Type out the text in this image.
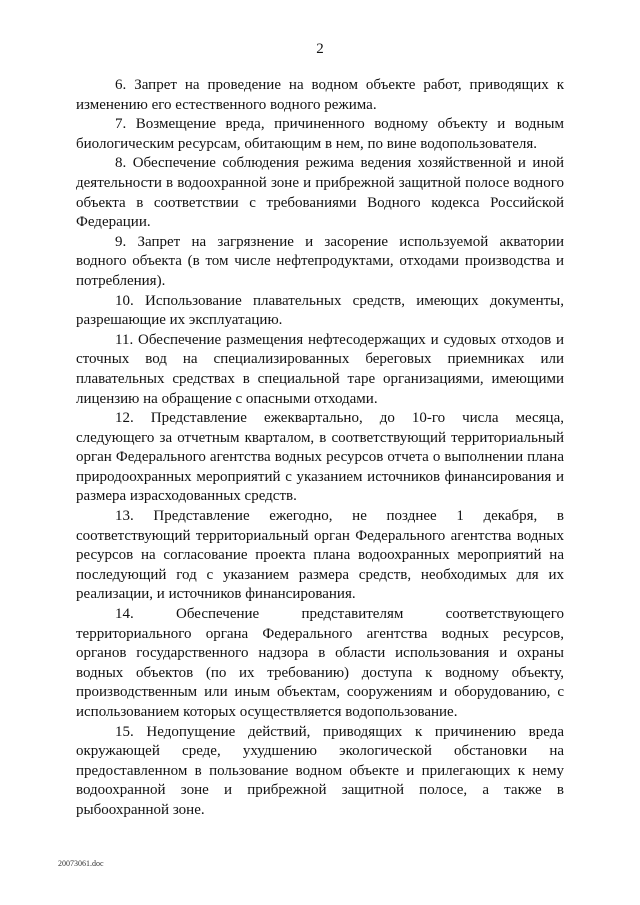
2

6. Запрет на проведение на водном объекте работ, приводящих к изменению его естественного водного режима.

7. Возмещение вреда, причиненного водному объекту и водным биологическим ресурсам, обитающим в нем, по вине водопользователя.

8. Обеспечение соблюдения режима ведения хозяйственной и иной деятельности в водоохранной зоне и прибрежной защитной полосе водного объекта в соответствии с требованиями Водного кодекса Российской Федерации.

9. Запрет на загрязнение и засорение используемой акватории водного объекта (в том числе нефтепродуктами, отходами производства и потребления).

10. Использование плавательных средств, имеющих документы, разрешающие их эксплуатацию.

11. Обеспечение размещения нефтесодержащих и судовых отходов и сточных вод на специализированных береговых приемниках или плавательных средствах в специальной таре организациями, имеющими лицензию на обращение с опасными отходами.

12. Представление ежеквартально, до 10-го числа месяца, следующего за отчетным кварталом, в соответствующий территориальный орган Федерального агентства водных ресурсов отчета о выполнении плана природоохранных мероприятий с указанием источников финансирования и размера израсходованных средств.

13. Представление ежегодно, не позднее 1 декабря, в соответствующий территориальный орган Федерального агентства водных ресурсов на согласование проекта плана водоохранных мероприятий на последующий год с указанием размера средств, необходимых для их реализации, и источников финансирования.

14. Обеспечение представителям соответствующего территориального органа Федерального агентства водных ресурсов, органов государственного надзора в области использования и охраны водных объектов (по их требованию) доступа к водному объекту, производственным или иным объектам, сооружениям и оборудованию, с использованием которых осуществляется водопользование.

15. Недопущение действий, приводящих к причинению вреда окружающей среде, ухудшению экологической обстановки на предоставленном в пользование водном объекте и прилегающих к нему водоохранной зоне и прибрежной защитной полосе, а также в рыбоохранной зоне.

20073061.doc
